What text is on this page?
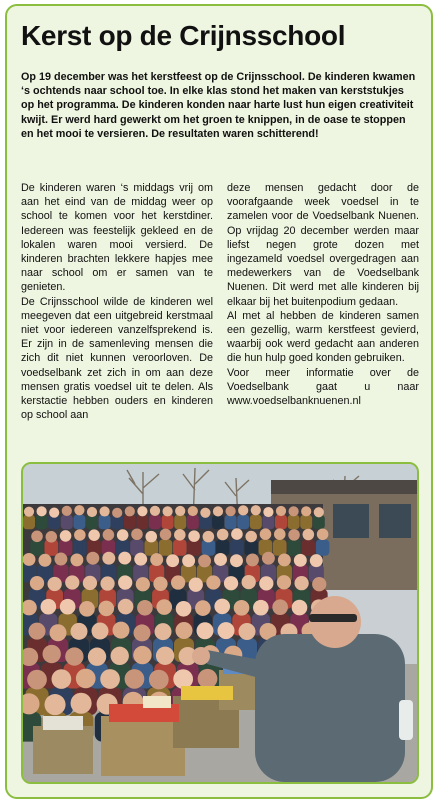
Kerst op de Crijnsschool

Op 19 december was het kerstfeest op de Crijnsschool. De kinderen kwamen ‘s ochtends naar school toe. In elke klas stond het maken van kerststukjes op het programma. De kinderen konden naar harte lust hun eigen creativiteit kwijt. Er werd hard gewerkt om het groen te knippen, in de oase te stoppen en het mooi te versieren. De resultaten waren schitterend!

De kinderen waren ‘s middags vrij om aan het eind van de middag weer op school te komen voor het kerstdiner. Iedereen was feestelijk gekleed en de lokalen waren mooi versierd. De kinderen brachten lekkere hapjes mee naar school om er samen van te genieten.

De Crijnsschool wilde de kinderen wel meegeven dat een uitgebreid kerstmaal niet voor iedereen vanzelfsprekend is. Er zijn in de samenleving mensen die zich dit niet kunnen veroorloven. De voedselbank zet zich in om aan deze mensen gratis voedsel uit te delen. Als kerstactie hebben ouders en kinderen op school aan

deze mensen gedacht door de voorafgaande week voedsel in te zamelen voor de Voedselbank Nuenen. Op vrijdag 20 december werden maar liefst negen grote dozen met ingezameld voedsel overgedragen aan medewerkers van de Voedselbank Nuenen. Dit werd met alle kinderen bij elkaar bij het buitenpodium gedaan.

Al met al hebben de kinderen samen een gezellig, warm kerstfeest gevierd, waarbij ook werd gedacht aan anderen die hun hulp goed konden gebruiken.

Voor meer informatie over de Voedselbank gaat u naar www.voedselbanknuenen.nl
